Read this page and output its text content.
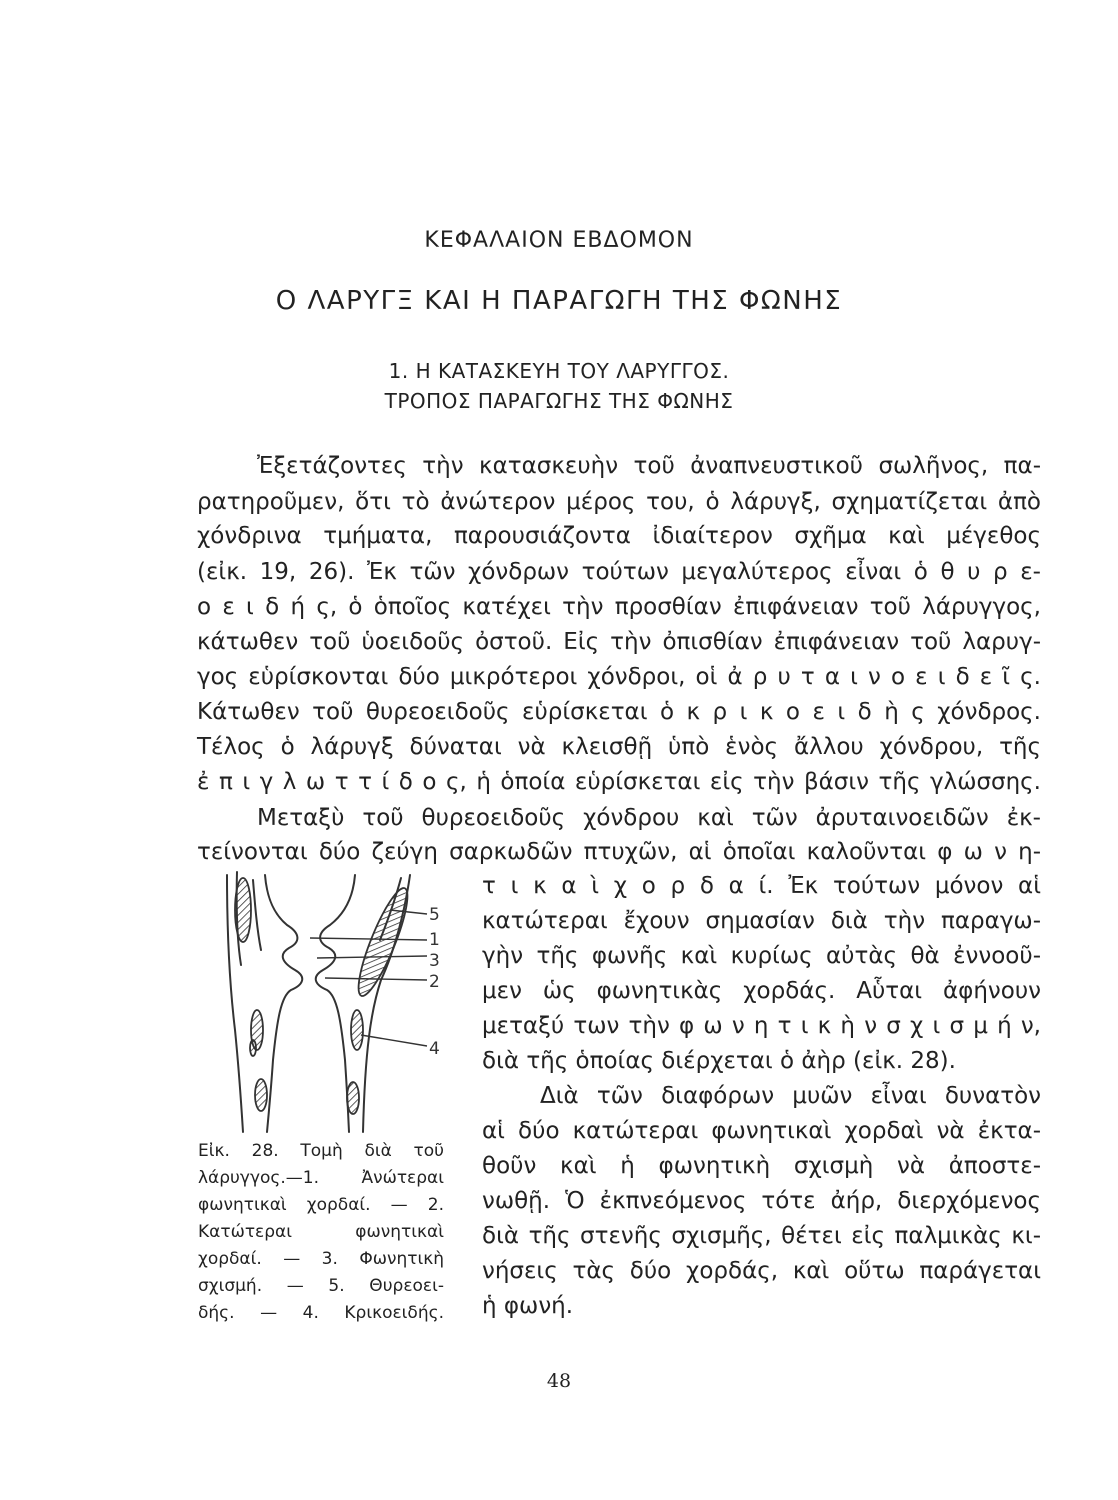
ΚΕΦΑΛΑΙΟΝ ΕΒΔΟΜΟΝ
Ο ΛΑΡΥΓΞ ΚΑΙ Η ΠΑΡΑΓΩΓΗ ΤΗΣ ΦΩΝΗΣ
1. Η ΚΑΤΑΣΚΕΥΗ ΤΟΥ ΛΑΡΥΓΓΟΣ.
ΤΡΟΠΟΣ ΠΑΡΑΓΩΓΗΣ ΤΗΣ ΦΩΝΗΣ
Ἐξετάζοντες τὴν κατασκευὴν τοῦ ἀναπνευστικοῦ σωλῆνος, πα-
ρατηροῦμεν, ὅτι τὸ ἀνώτερον μέρος του, ὁ λάρυγξ, σχηματίζεται ἀπὸ
χόνδρινα τμήματα, παρουσιάζοντα ἰδιαίτερον σχῆμα καὶ μέγεθος
(εἰκ. 19, 26). Ἐκ τῶν χόνδρων τούτων μεγαλύτερος εἶναι ὁ θ υ ρ ε-
ο ε ι δ ή ς, ὁ ὁποῖος κατέχει τὴν προσθίαν ἐπιφάνειαν τοῦ λάρυγγος,
κάτωθεν τοῦ ὑοειδοῦς ὀστοῦ. Εἰς τὴν ὀπισθίαν ἐπιφάνειαν τοῦ λαρυγ-
γος εὑρίσκονται δύο μικρότεροι χόνδροι, οἱ ἀ ρ υ τ α ι ν ο ε ι δ ε ῖ ς.
Κάτωθεν τοῦ θυρεοειδοῦς εὑρίσκεται ὁ κ ρ ι κ ο ε ι δ ὴ ς χόνδρος.
Τέλος ὁ λάρυγξ δύναται νὰ κλεισθῇ ὑπὸ ἑνὸς ἄλλου χόνδρου, τῆς
ἐ π ι γ λ ω τ τ ί δ ο ς, ἡ ὁποία εὑρίσκεται εἰς τὴν βάσιν τῆς γλώσσης.
Μεταξὺ τοῦ θυρεοειδοῦς χόνδρου καὶ τῶν ἀρυταινοειδῶν ἐκ-
τείνονται δύο ζεύγη σαρκωδῶν πτυχῶν, αἱ ὁποῖαι καλοῦνται φ ω ν η-
τ ι κ α ὶ χ ο ρ δ α ί. Ἐκ τούτων μόνον αἱ
κατώτεραι ἔχουν σημασίαν διὰ τὴν παραγω-
γὴν τῆς φωνῆς καὶ κυρίως αὐτὰς θὰ ἐννοοῦ-
μεν ὡς φωνητικὰς χορδάς. Αὗται ἀφήνουν
μεταξύ των τὴν φ ω ν η τ ι κ ὴ ν σ χ ι σ μ ή ν,
διὰ τῆς ὁποίας διέρχεται ὁ ἀὴρ (εἰκ. 28).
Διὰ τῶν διαφόρων μυῶν εἶναι δυνατὸν
αἱ δύο κατώτεραι φωνητικαὶ χορδαὶ νὰ ἐκτα-
θοῦν καὶ ἡ φωνητικὴ σχισμὴ νὰ ἀποστε-
νωθῇ. Ὁ ἐκπνεόμενος τότε ἀήρ, διερχόμενος
διὰ τῆς στενῆς σχισμῆς, θέτει εἰς παλμικὰς κι-
νήσεις τὰς δύο χορδάς, καὶ οὕτω παράγεται
ἡ φωνή.
5
1
3
2
4
Εἰκ. 28. Τομὴ διὰ τοῦ
λάρυγγος.—1. Ἀνώτεραι
φωνητικαὶ χορδαί. — 2.
Κατώτεραι φωνητικαὶ
χορδαί. — 3. Φωνητικὴ
σχισμή. — 5. Θυρεοει-
δής. — 4. Κρικοειδής.
48
